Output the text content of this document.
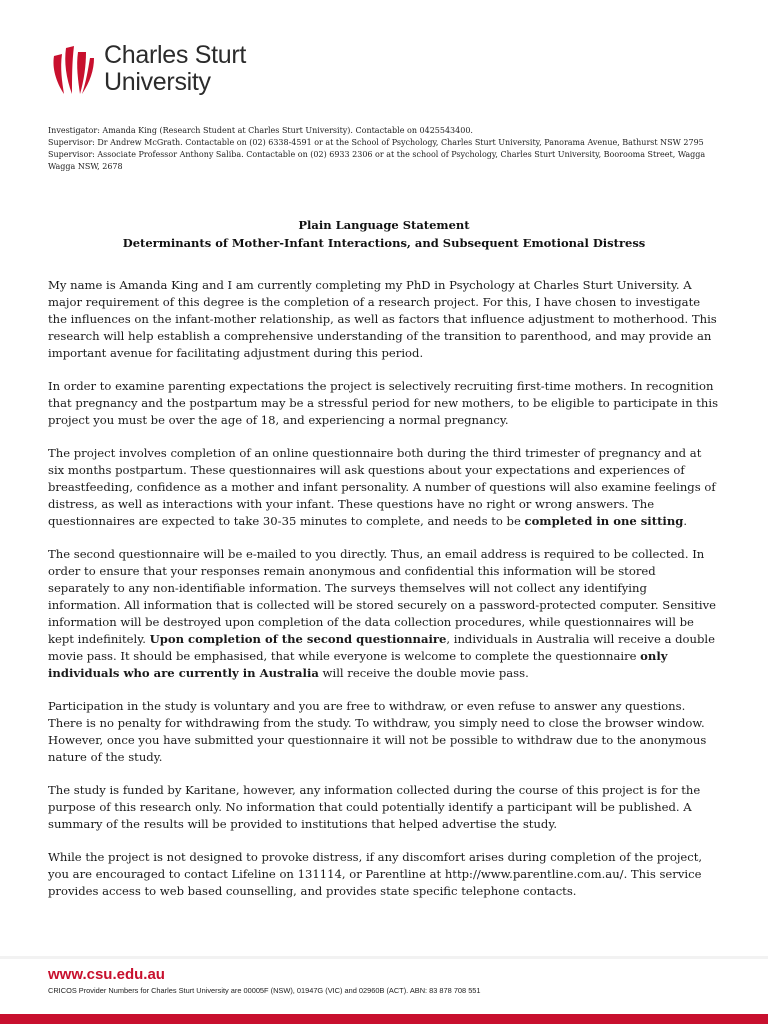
Charles Sturt
University
Investigator: Amanda King (Research Student at Charles Sturt University). Contactable on 0425543400.
Supervisor: Dr Andrew McGrath. Contactable on (02) 6338-4591 or at the School of Psychology, Charles Sturt University, Panorama Avenue, Bathurst NSW 2795
Supervisor: Associate Professor Anthony Saliba. Contactable on (02) 6933 2306 or at the school of Psychology, Charles Sturt University, Boorooma Street, Wagga Wagga NSW, 2678
Plain Language Statement
Determinants of Mother-Infant Interactions, and Subsequent Emotional Distress

My name is Amanda King and I am currently completing my PhD in Psychology at Charles Sturt University. A major requirement of this degree is the completion of a research project. For this, I have chosen to investigate the influences on the infant-mother relationship, as well as factors that influence adjustment to motherhood. This research will help establish a comprehensive understanding of the transition to parenthood, and may provide an important avenue for facilitating adjustment during this period.

In order to examine parenting expectations the project is selectively recruiting first-time mothers. In recognition that pregnancy and the postpartum may be a stressful period for new mothers, to be eligible to participate in this project you must be over the age of 18, and experiencing a normal pregnancy.

The project involves completion of an online questionnaire both during the third trimester of pregnancy and at six months postpartum. These questionnaires will ask questions about your expectations and experiences of breastfeeding, confidence as a mother and infant personality. A number of questions will also examine feelings of distress, as well as interactions with your infant. These questions have no right or wrong answers. The questionnaires are expected to take 30-35 minutes to complete, and needs to be completed in one sitting.

The second questionnaire will be e-mailed to you directly. Thus, an email address is required to be collected. In order to ensure that your responses remain anonymous and confidential this information will be stored separately to any non-identifiable information. The surveys themselves will not collect any identifying information. All information that is collected will be stored securely on a password-protected computer. Sensitive information will be destroyed upon completion of the data collection procedures, while questionnaires will be kept indefinitely. Upon completion of the second questionnaire, individuals in Australia will receive a double movie pass. It should be emphasised, that while everyone is welcome to complete the questionnaire only individuals who are currently in Australia will receive the double movie pass.

Participation in the study is voluntary and you are free to withdraw, or even refuse to answer any questions. There is no penalty for withdrawing from the study. To withdraw, you simply need to close the browser window. However, once you have submitted your questionnaire it will not be possible to withdraw due to the anonymous nature of the study.

The study is funded by Karitane, however, any information collected during the course of this project is for the purpose of this research only. No information that could potentially identify a participant will be published. A summary of the results will be provided to institutions that helped advertise the study.

While the project is not designed to provoke distress, if any discomfort arises during completion of the project, you are encouraged to contact Lifeline on 131114, or Parentline at http://www.parentline.com.au/. This service provides access to web based counselling, and provides state specific telephone contacts.

www.csu.edu.au
CRICOS Provider Numbers for Charles Sturt University are 00005F (NSW), 01947G (VIC) and 02960B (ACT). ABN: 83 878 708 551
